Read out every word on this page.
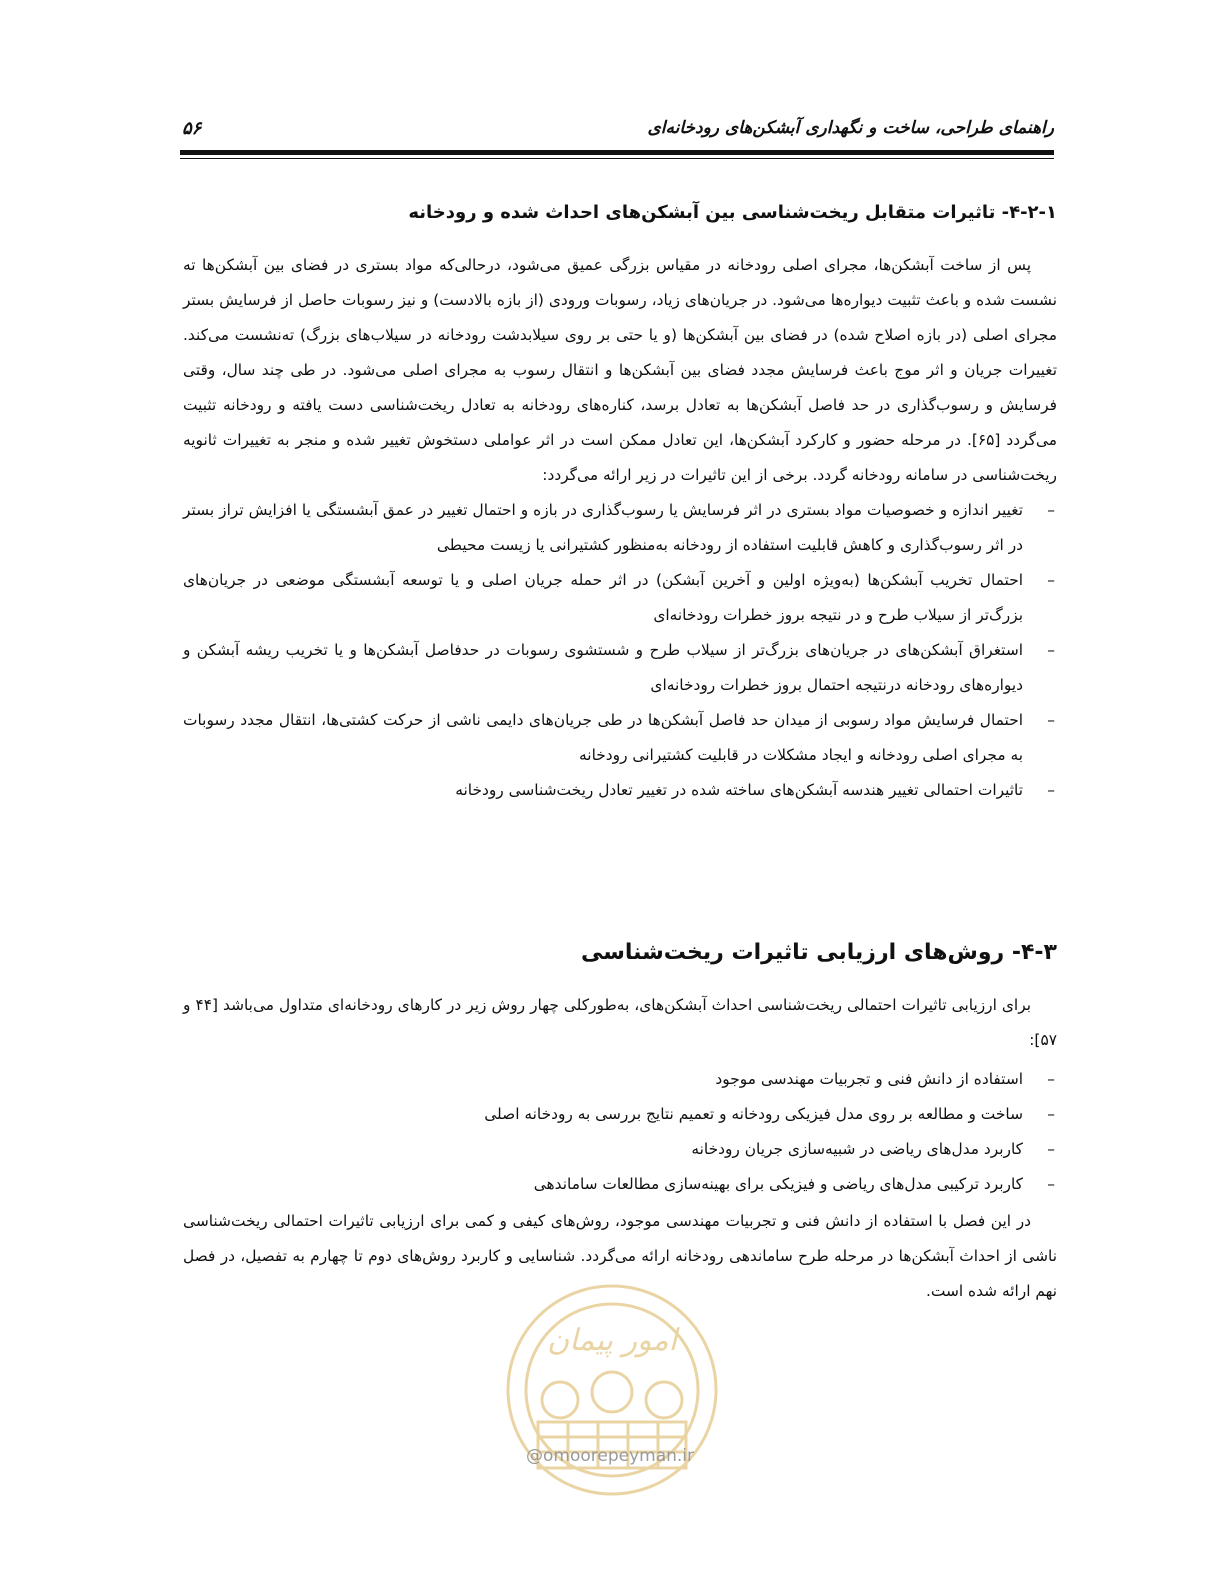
راهنمای طراحی، ساخت و نگهداری آبشکن‌های رودخانه‌ای
۵۶
۴-۲-۱- تاثیرات متقابل ریخت‌شناسی بین آبشکن‌های احداث شده و رودخانه

پس از ساخت آبشکن‌ها، مجرای اصلی رودخانه در مقیاس بزرگی عمیق می‌شود، درحالی‌که مواد بستری در فضای بین آبشکن‌ها ته نشست شده و باعث تثبیت دیواره‌ها می‌شود. در جریان‌های زیاد، رسوبات ورودی (از بازه بالادست) و نیز رسوبات حاصل از فرسایش بستر مجرای اصلی (در بازه اصلاح شده) در فضای بین آبشکن‌ها (و یا حتی بر روی سیلابدشت رودخانه در سیلاب‌های بزرگ) ته‌نشست می‌کند. تغییرات جریان و اثر موج باعث فرسایش مجدد فضای بین آبشکن‌ها و انتقال رسوب به مجرای اصلی می‌شود. در طی چند سال، وقتی فرسایش و رسوب‌گذاری در حد فاصل آبشکن‌ها به تعادل برسد، کناره‌های رودخانه به تعادل ریخت‌شناسی دست یافته و رودخانه تثبیت می‌گردد [۶۵]. در مرحله حضور و کارکرد آبشکن‌ها، این تعادل ممکن است در اثر عواملی دستخوش تغییر شده و منجر به تغییرات ثانویه ریخت‌شناسی در سامانه رودخانه گردد. برخی از این تاثیرات در زیر ارائه می‌گردد:

–
تغییر اندازه و خصوصیات مواد بستری در اثر فرسایش یا رسوب‌گذاری در بازه و احتمال تغییر در عمق آبشستگی یا افزایش تراز بستر در اثر رسوب‌گذاری و کاهش قابلیت استفاده از رودخانه به‌منظور کشتیرانی یا زیست محیطی
–
احتمال تخریب آبشکن‌ها (به‌ویژه اولین و آخرین آبشکن) در اثر حمله جریان اصلی و یا توسعه آبشستگی موضعی در جریان‌های بزرگ‌تر از سیلاب طرح و در نتیجه بروز خطرات رودخانه‌ای
–
استغراق آبشکن‌های در جریان‌های بزرگ‌تر از سیلاب طرح و شستشوی رسوبات در حدفاصل آبشکن‌ها و یا تخریب ریشه آبشکن و دیواره‌های رودخانه درنتیجه احتمال بروز خطرات رودخانه‌ای
–
احتمال فرسایش مواد رسوبی از میدان حد فاصل آبشکن‌ها در طی جریان‌های دایمی ناشی از حرکت کشتی‌ها، انتقال مجدد رسوبات به مجرای اصلی رودخانه و ایجاد مشکلات در قابلیت کشتیرانی رودخانه
–
تاثیرات احتمالی تغییر هندسه آبشکن‌های ساخته شده در تغییر تعادل ریخت‌شناسی رودخانه
۴-۳- روش‌های ارزیابی تاثیرات ریخت‌شناسی

برای ارزیابی تاثیرات احتمالی ریخت‌شناسی احداث آبشکن‌های، به‌طورکلی چهار روش زیر در کارهای رودخانه‌ای متداول می‌باشد [۴۴ و ۵۷]:

–
استفاده از دانش فنی و تجربیات مهندسی موجود
–
ساخت و مطالعه بر روی مدل فیزیکی رودخانه و تعمیم نتایج بررسی به رودخانه اصلی
–
کاربرد مدل‌های ریاضی در شبیه‌سازی جریان رودخانه
–
کاربرد ترکیبی مدل‌های ریاضی و فیزیکی برای بهینه‌سازی مطالعات ساماندهی

در این فصل با استفاده از دانش فنی و تجربیات مهندسی موجود، روش‌های کیفی و کمی برای ارزیابی تاثیرات احتمالی ریخت‌شناسی ناشی از احداث آبشکن‌ها در مرحله طرح ساماندهی رودخانه ارائه می‌گردد. شناسایی و کاربرد روش‌های دوم تا چهارم به تفصیل، در فصل نهم ارائه شده است.

امور پیمان
@omoorepeyman.ir
